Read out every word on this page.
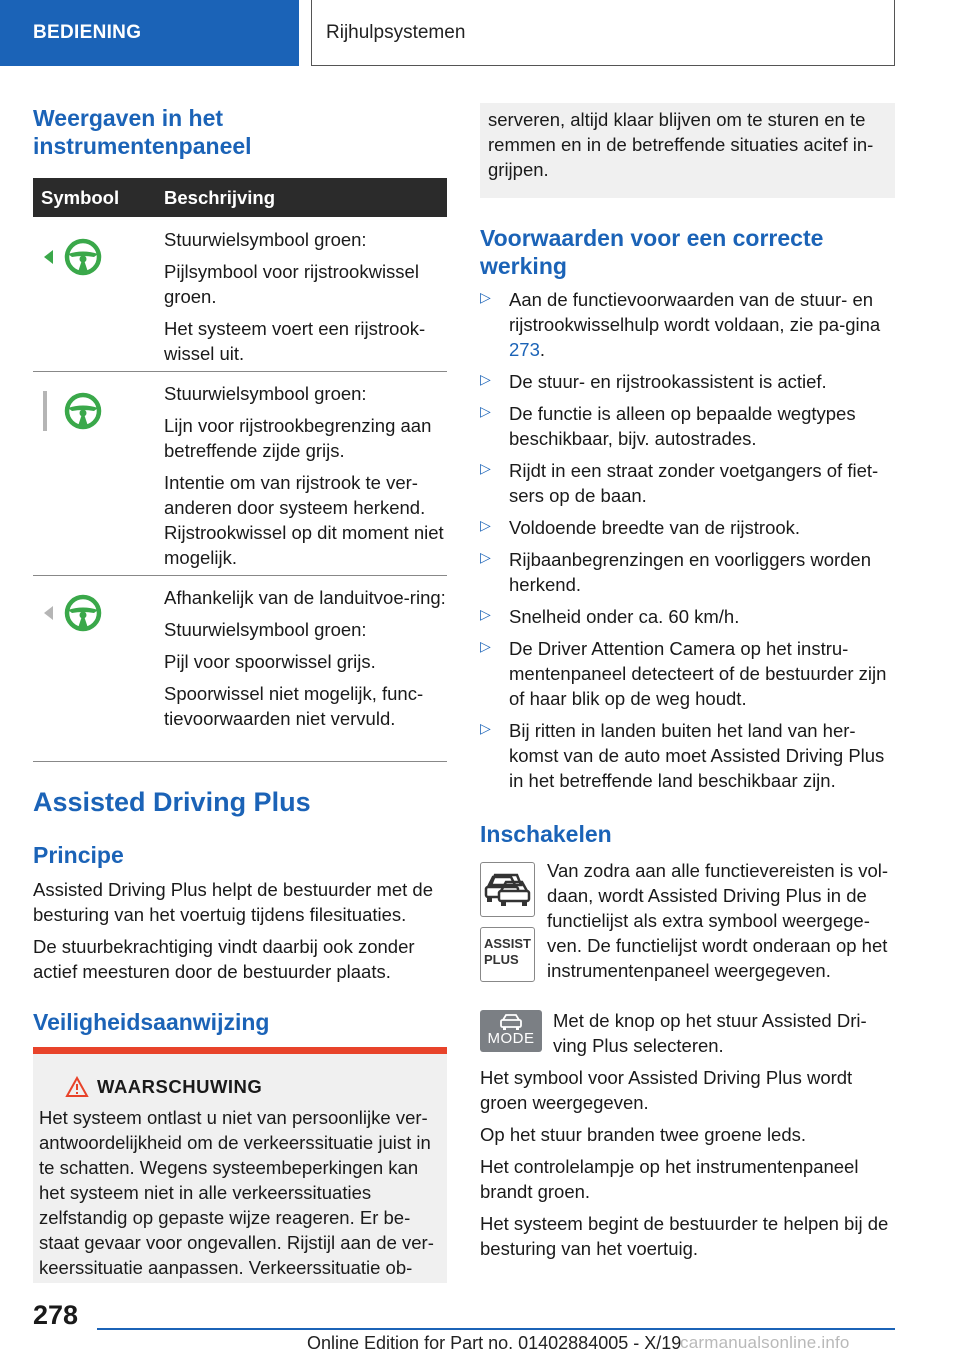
BEDIENING	Rijhulpsystemen
Weergaven in het instrumentenpaneel
Symbool Beschrijving

Stuurwielsymbool groen:

Pijlsymbool voor rijstrookwissel groen.

Het systeem voert een rijstrook-wissel uit.

Stuurwielsymbool groen:

Lijn voor rijstrookbegrenzing aan betreffende zijde grijs.

Intentie om van rijstrook te ver-anderen door systeem herkend. Rijstrookwissel op dit moment niet mogelijk.

Afhankelijk van de landuitvoe-ring:

Stuurwielsymbool groen:

Pijl voor spoorwissel grijs.

Spoorwissel niet mogelijk, func-tievoorwaarden niet vervuld.

Assisted Driving Plus
Principe

Assisted Driving Plus helpt de bestuurder met de besturing van het voertuig tijdens filesituaties.

De stuurbekrachtiging vindt daarbij ook zonder actief meesturen door de bestuurder plaats.

Veiligheidsaanwijzing
WAARSCHUWING

Het systeem ontlast u niet van persoonlijke ver-antwoordelijkheid om de verkeerssituatie juist in te schatten. Wegens systeembeperkingen kan het systeem niet in alle verkeerssituaties zelfstandig op gepaste wijze reageren. Er be-staat gevaar voor ongevallen. Rijstijl aan de ver-keerssituatie aanpassen. Verkeerssituatie ob-

serveren, altijd klaar blijven om te sturen en te remmen en in de betreffende situaties acitef in-grijpen.

Voorwaarden voor een correcte werking
▷ Aan de functievoorwaarden van de stuur- en rijstrookwisselhulp wordt voldaan, zie pa-gina 273.

▷ De stuur- en rijstrookassistent is actief.

▷ De functie is alleen op bepaalde wegtypes beschikbaar, bijv. autostrades.

▷ Rijdt in een straat zonder voetgangers of fiet-sers op de baan.

▷ Voldoende breedte van de rijstrook.

▷ Rijbaanbegrenzingen en voorliggers worden herkend.

▷ Snelheid onder ca. 60 km/h.

▷ De Driver Attention Camera op het instru-mentenpaneel detecteert of de bestuurder zijn of haar blik op de weg houdt.

▷ Bij ritten in landen buiten het land van her-komst van de auto moet Assisted Driving Plus in het betreffende land beschikbaar zijn.

Inschakelen
ASSIST
PLUS

Van zodra aan alle functievereisten is vol-daan, wordt Assisted Driving Plus in de functielijst als extra symbool weergege-ven. De functielijst wordt onderaan op het instrumentenpaneel weergegeven.

MODE

Met de knop op het stuur Assisted Dri-ving Plus selecteren.

Het symbool voor Assisted Driving Plus wordt groen weergegeven.

Op het stuur branden twee groene leds.

Het controlelampje op het instrumentenpaneel brandt groen.

Het systeem begint de bestuurder te helpen bij de besturing van het voertuig.

278
Online Edition for Part no. 01402884005 - X/19
carmanualsonline.info
